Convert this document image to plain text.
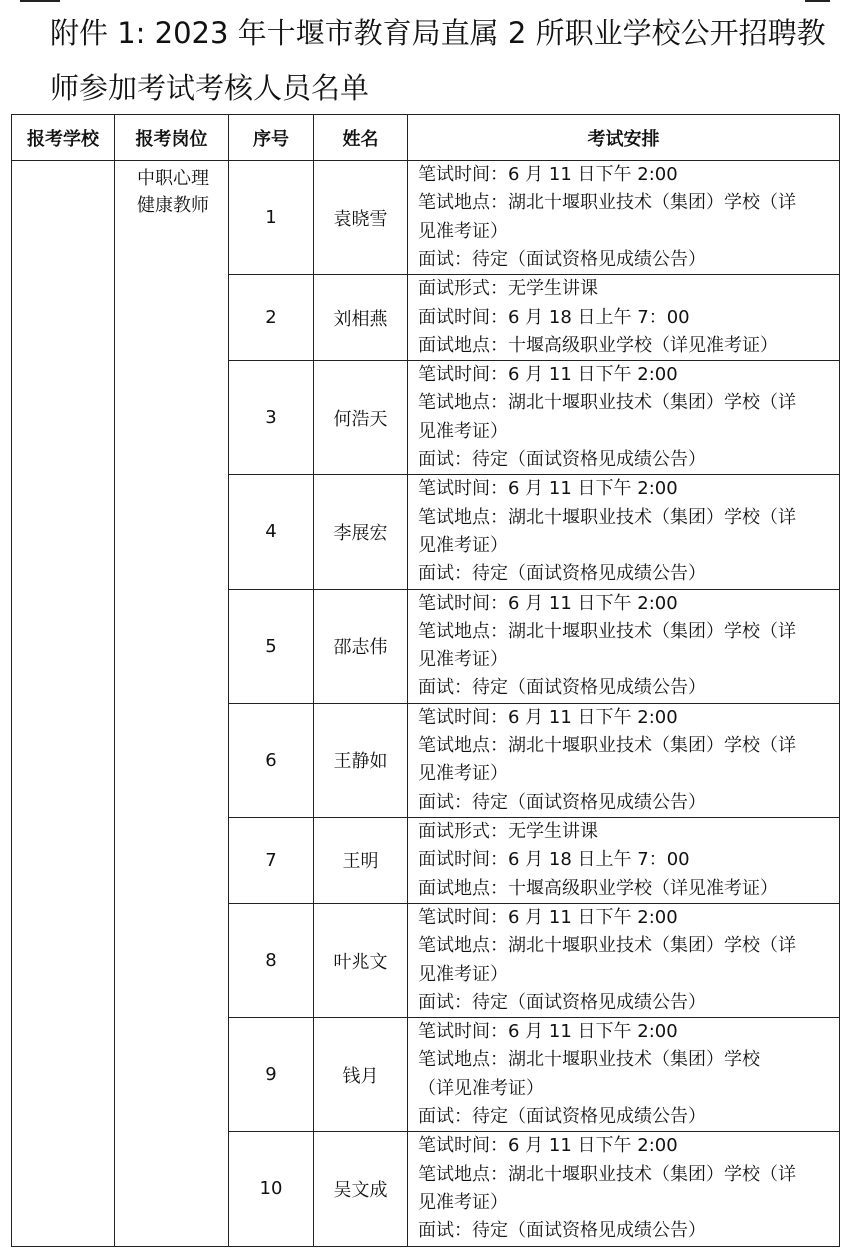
附件 1: 2023 年十堰市教育局直属 2 所职业学校公开招聘教
师参加考试考核人员名单
报考学校	报考岗位	序号	姓名	考试安排

	中职心理
健康教师	1	袁晓雪	笔试时间：6 月 11 日下午 2:00
笔试地点：湖北十堰职业技术（集团）学校（详
见准考证）
面试：待定（面试资格见成绩公告）

		2	刘相燕	面试形式：无学生讲课
面试时间：6 月 18 日上午 7：00
面试地点：十堰高级职业学校（详见准考证）

		3	何浩天	笔试时间：6 月 11 日下午 2:00
笔试地点：湖北十堰职业技术（集团）学校（详
见准考证）
面试：待定（面试资格见成绩公告）

		4	李展宏	笔试时间：6 月 11 日下午 2:00
笔试地点：湖北十堰职业技术（集团）学校（详
见准考证）
面试：待定（面试资格见成绩公告）

		5	邵志伟	笔试时间：6 月 11 日下午 2:00
笔试地点：湖北十堰职业技术（集团）学校（详
见准考证）
面试：待定（面试资格见成绩公告）

		6	王静如	笔试时间：6 月 11 日下午 2:00
笔试地点：湖北十堰职业技术（集团）学校（详
见准考证）
面试：待定（面试资格见成绩公告）

		7	王明	面试形式：无学生讲课
面试时间：6 月 18 日上午 7：00
面试地点：十堰高级职业学校（详见准考证）

		8	叶兆文	笔试时间：6 月 11 日下午 2:00
笔试地点：湖北十堰职业技术（集团）学校（详
见准考证）
面试：待定（面试资格见成绩公告）

		9	钱月	笔试时间：6 月 11 日下午 2:00
笔试地点：湖北十堰职业技术（集团）学校
（详见准考证）
面试：待定（面试资格见成绩公告）

		10	吴文成	笔试时间：6 月 11 日下午 2:00
笔试地点：湖北十堰职业技术（集团）学校（详
见准考证）
面试：待定（面试资格见成绩公告）
